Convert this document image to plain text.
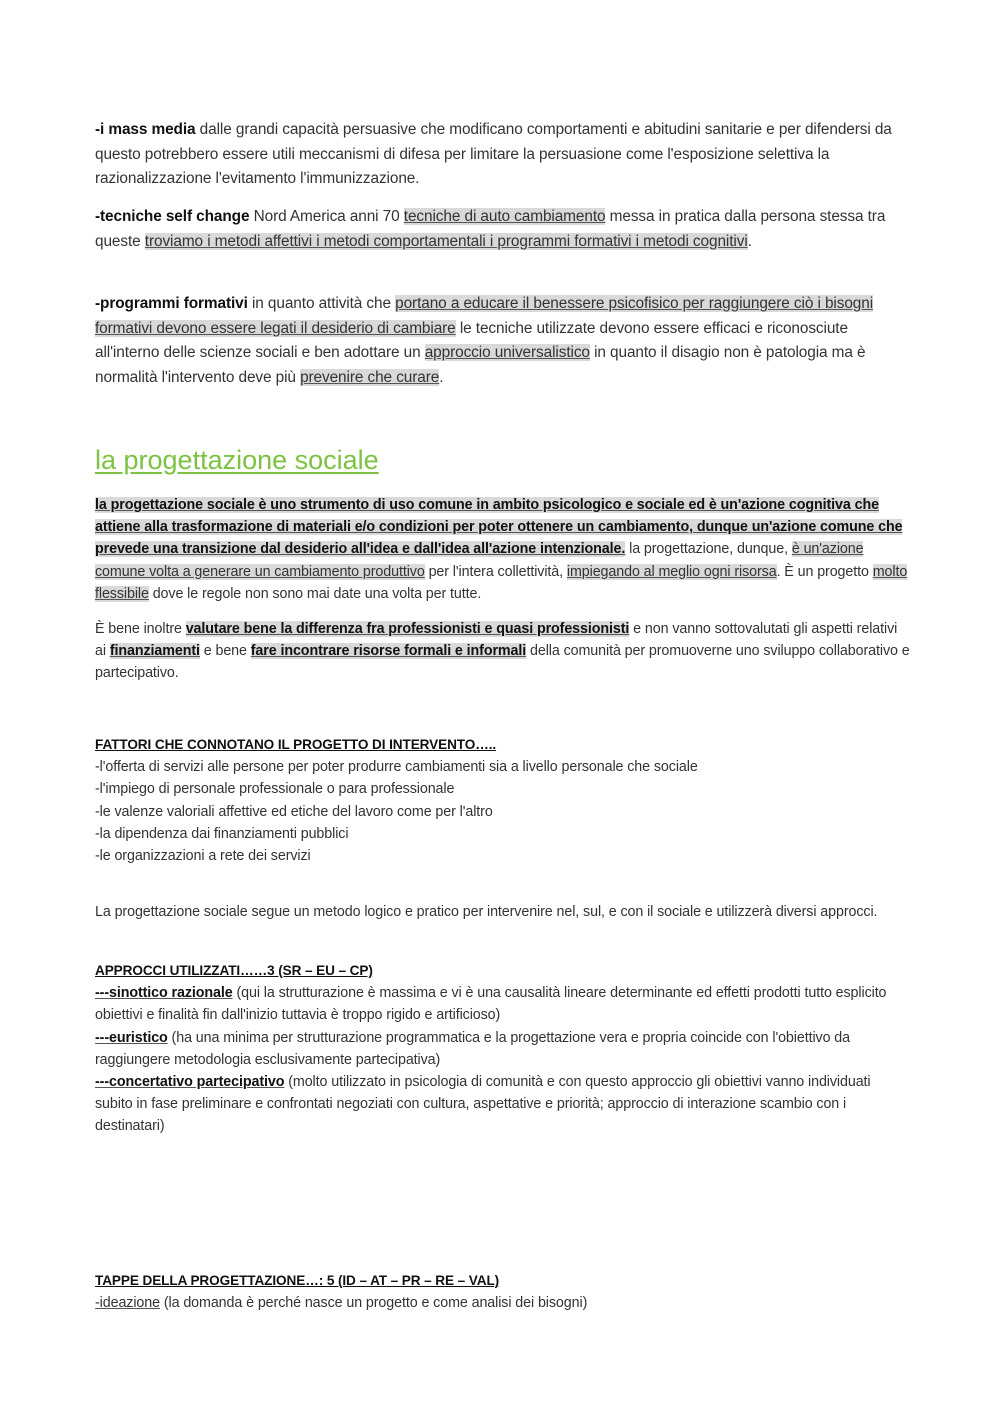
-i mass media dalle grandi capacità persuasive che modificano comportamenti e abitudini sanitarie e per difendersi da questo potrebbero essere utili meccanismi di difesa per limitare la persuasione come l'esposizione selettiva la razionalizzazione l'evitamento l'immunizzazione.

-tecniche self change Nord America anni 70 tecniche di auto cambiamento messa in pratica dalla persona stessa tra queste troviamo i metodi affettivi i metodi comportamentali i programmi formativi i metodi cognitivi.

-programmi formativi in quanto attività che portano a educare il benessere psicofisico per raggiungere ciò i bisogni formativi devono essere legati il desiderio di cambiare le tecniche utilizzate devono essere efficaci e riconosciute all'interno delle scienze sociali e ben adottare un approccio universalistico in quanto il disagio non è patologia ma è normalità l'intervento deve più prevenire che curare.

la progettazione sociale

la progettazione sociale è uno strumento di uso comune in ambito psicologico e sociale ed è un'azione cognitiva che attiene alla trasformazione di materiali e/o condizioni per poter ottenere un cambiamento, dunque un'azione comune che prevede una transizione dal desiderio all'idea e dall'idea all'azione intenzionale. la progettazione, dunque, è un'azione comune volta a generare un cambiamento produttivo per l'intera collettività, impiegando al meglio ogni risorsa. È un progetto molto flessibile dove le regole non sono mai date una volta per tutte.

È bene inoltre valutare bene la differenza fra professionisti e quasi professionisti e non vanno sottovalutati gli aspetti relativi ai finanziamenti e bene fare incontrare risorse formali e informali della comunità per promuoverne uno sviluppo collaborativo e partecipativo.

FATTORI CHE CONNOTANO IL PROGETTO DI INTERVENTO…..

-l'offerta di servizi alle persone per poter produrre cambiamenti sia a livello personale che sociale

-l'impiego di personale professionale o para professionale

-le valenze valoriali affettive ed etiche del lavoro come per l'altro

-la dipendenza dai finanziamenti pubblici

-le organizzazioni a rete dei servizi

La progettazione sociale segue un metodo logico e pratico per intervenire nel, sul, e con il sociale e utilizzerà diversi approcci.

APPROCCI UTILIZZATI……3 (SR – EU – CP)

---sinottico razionale (qui la strutturazione è massima e vi è una causalità lineare determinante ed effetti prodotti tutto esplicito obiettivi e finalità fin dall'inizio tuttavia è troppo rigido e artificioso)

---euristico (ha una minima per strutturazione programmatica e la progettazione vera e propria coincide con l'obiettivo da raggiungere metodologia esclusivamente partecipativa)

---concertativo partecipativo (molto utilizzato in psicologia di comunità e con questo approccio gli obiettivi vanno individuati subito in fase preliminare e confrontati negoziati con cultura, aspettative e priorità; approccio di interazione scambio con i destinatari)

TAPPE DELLA PROGETTAZIONE…: 5 (ID – AT – PR – RE – VAL)

-ideazione (la domanda è perché nasce un progetto e come analisi dei bisogni)
